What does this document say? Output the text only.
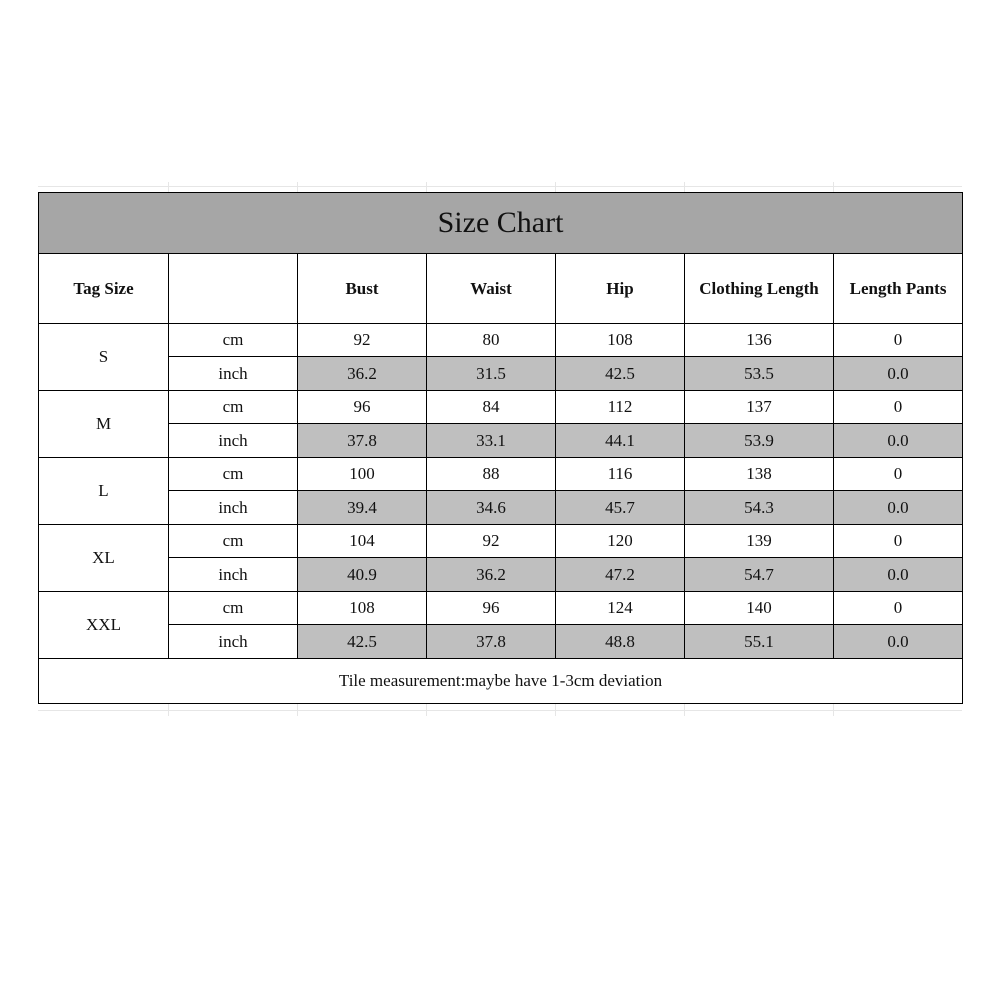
Size Chart						
Tag Size		Bust	Waist	Hip	Clothing Length	Length Pants
S	cm	92	80	108	136	0
	inch	36.2	31.5	42.5	53.5	0.0
M	cm	96	84	112	137	0
	inch	37.8	33.1	44.1	53.9	0.0
L	cm	100	88	116	138	0
	inch	39.4	34.6	45.7	54.3	0.0
XL	cm	104	92	120	139	0
	inch	40.9	36.2	47.2	54.7	0.0
XXL	cm	108	96	124	140	0
	inch	42.5	37.8	48.8	55.1	0.0
Tile measurement:maybe have 1-3cm deviation						
